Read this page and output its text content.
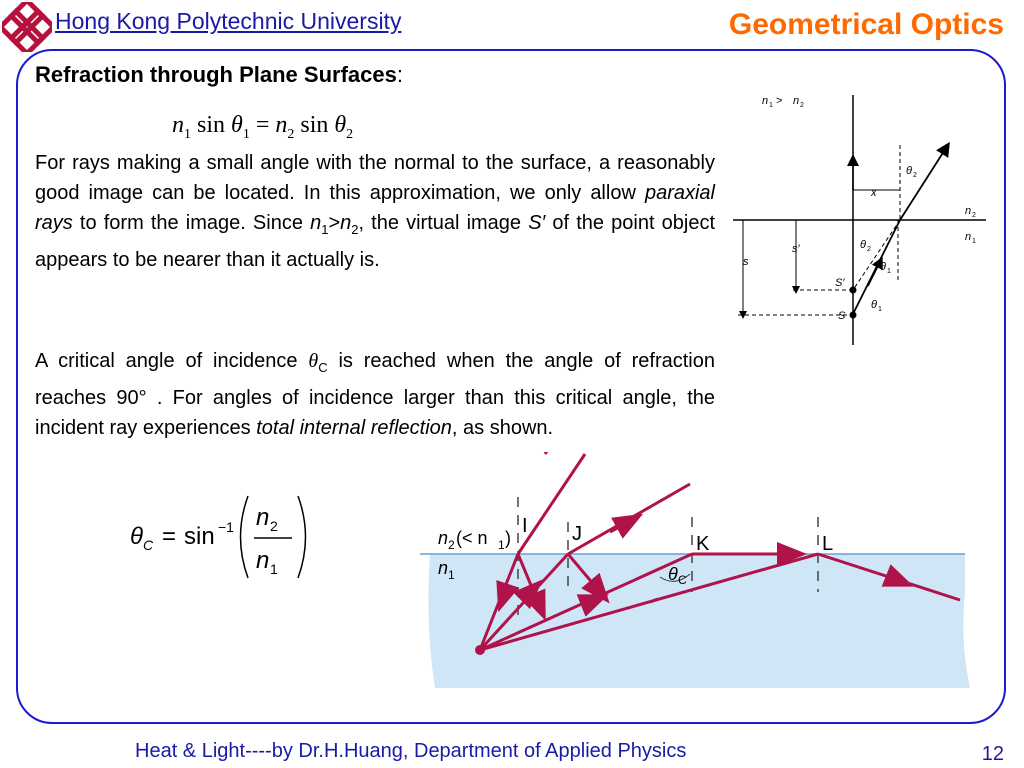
Hong Kong Polytechnic University	Geometrical Optics
Refraction through Plane Surfaces:
$n_1$ $\sin \theta_1 = n_2$ $\sin \theta_2$
For rays making a small angle with the normal to the surface, a reasonably good image can be located. In this approximation, we only allow paraxial rays to form the image. Since $n_1>n_2$, the virtual image S′ of the point object appears to be nearer than it actually is.
A critical angle of incidence $\theta_C$ is reached when the angle of refraction reaches 90° . For angles of incidence larger than this critical angle, the incident ray experiences total internal reflection, as shown.
θ C = sin −1 n 2
n 1
n 1 > n 2
x
θ 2
n 2
n 1
s
s′	θ 2
θ 1
S′
S
θ 1
θ C
n 2 (< n 1 )
n 1
I J	K	L
Heat & Light----by Dr.H.Huang, Department of Applied Physics	12
